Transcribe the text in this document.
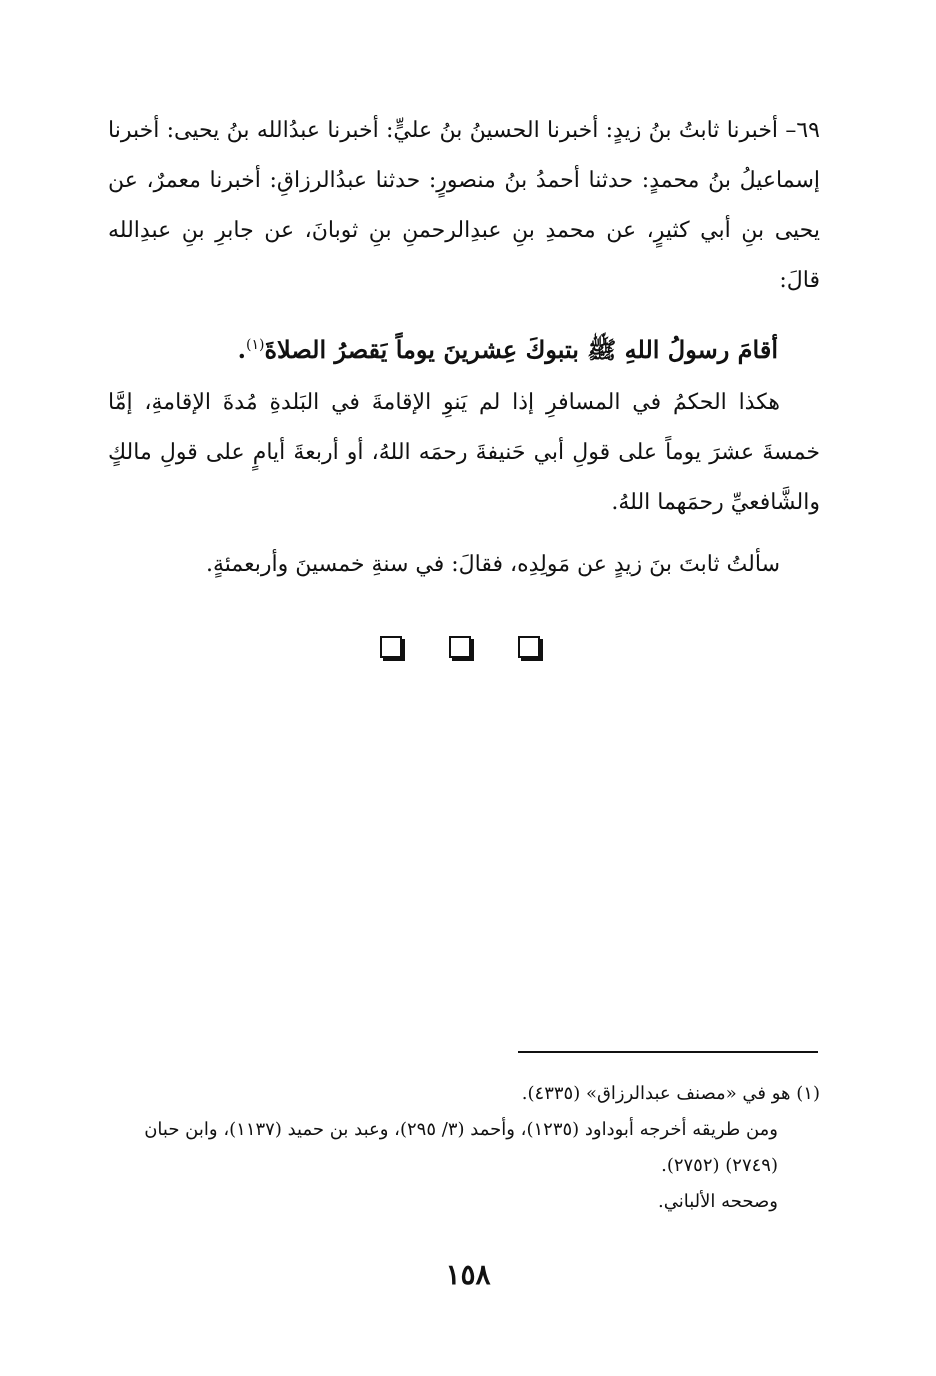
٦٩– أخبرنا ثابتُ بنُ زيدٍ: أخبرنا الحسينُ بنُ عليٍّ: أخبرنا عبدُالله بنُ يحيى: أخبرنا إسماعيلُ بنُ محمدٍ: حدثنا أحمدُ بنُ منصورٍ: حدثنا عبدُالرزاقِ: أخبرنا معمرٌ، عن يحيى بنِ أبي كثيرٍ، عن محمدِ بنِ عبدِالرحمنِ بنِ ثوبانَ، عن جابرِ بنِ عبدِالله قالَ:

أقامَ رسولُ اللهِ ﷺ بتبوكَ عِشرينَ يوماً يَقصرُ الصلاةَ$^{(١)}$.

هكذا الحكمُ في المسافرِ إذا لم يَنوِ الإقامةَ في البَلدةِ مُدةَ الإقامةِ، إمَّا خمسةَ عشرَ يوماً على قولِ أبي حَنيفةَ رحمَه اللهُ، أو أربعةَ أيامٍ على قولِ مالكٍ والشَّافعيِّ رحمَهما اللهُ.

سألتُ ثابتَ بنَ زيدٍ عن مَولِدِه، فقالَ: في سنةِ خمسينَ وأربعمئةٍ.

(١) هو في «مصنف عبدالرزاق» (٤٣٣٥).
ومن طريقه أخرجه أبوداود (١٢٣٥)، وأحمد (٣/ ٢٩٥)، وعبد بن حميد (١١٣٧)، وابن حبان (٢٧٤٩) (٢٧٥٢).
وصححه الألباني.
١٥٨
